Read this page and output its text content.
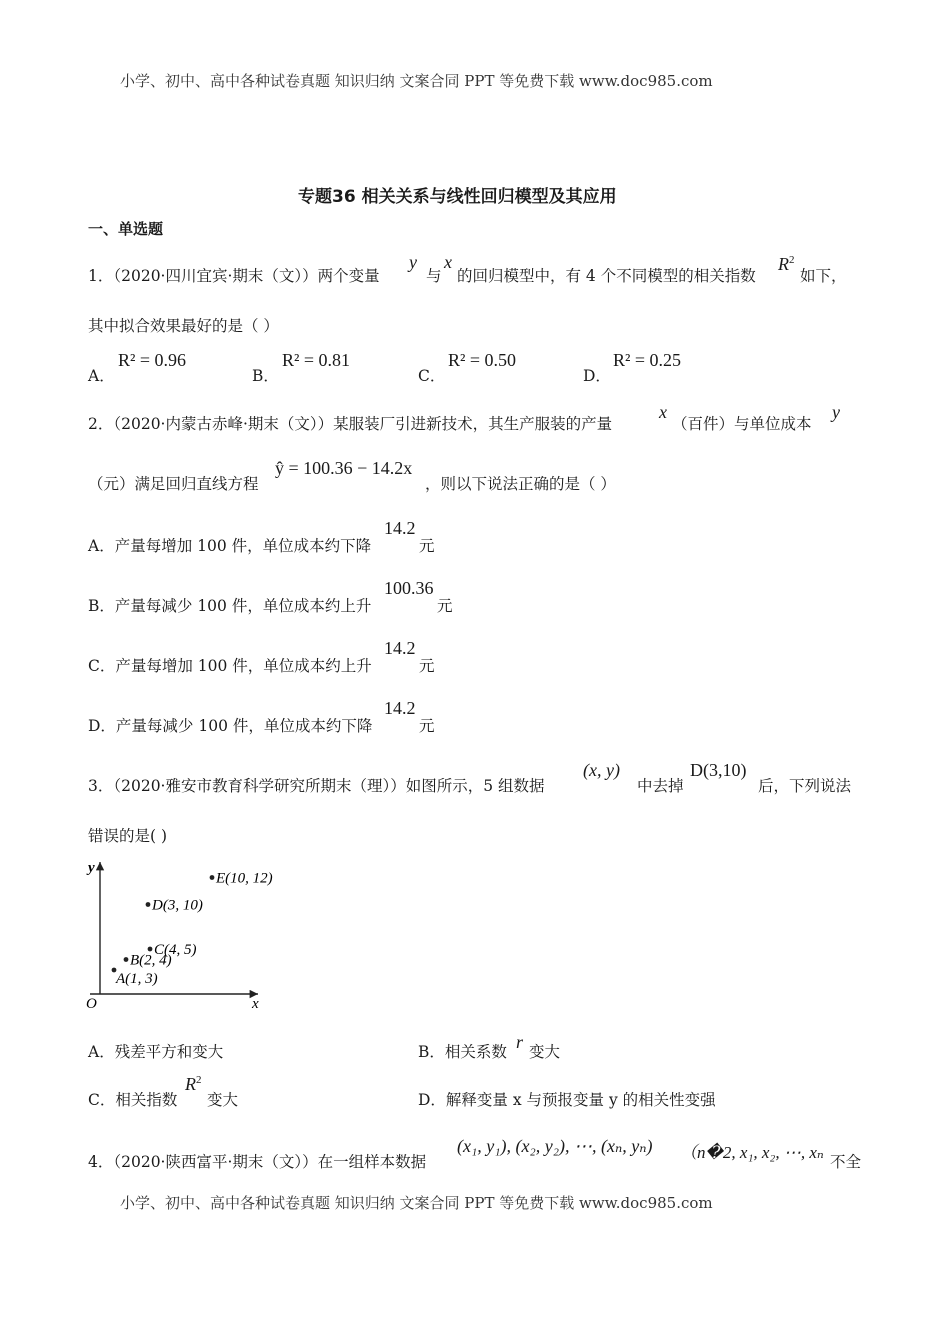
小学、初中、高中各种试卷真题 知识归纳 文案合同 PPT 等免费下载 www.doc985.com
专题36 相关关系与线性回归模型及其应用
一、单选题
1．（2020·四川宜宾·期末（文））两个变量
y
与
x
的回归模型中，有 4 个不同模型的相关指数
$R^2$
如下，
其中拟合效果最好的是（ ）
A．
R² = 0.96
B．
R² = 0.81
C．
R² = 0.50
D．
R² = 0.25
2．（2020·内蒙古赤峰·期末（文））某服装厂引进新技术，其生产服装的产量
x
（百件）与单位成本
y
（元）满足回归直线方程
ŷ = 100.36 − 14.2x
，则以下说法正确的是（ ）
A．产量每增加 100 件，单位成本约下降
14.2
元
B．产量每减少 100 件，单位成本约上升
100.36
元
C．产量每增加 100 件，单位成本约上升
14.2
元
D．产量每减少 100 件，单位成本约下降
14.2
元
3．（2020·雅安市教育科学研究所期末（理））如图所示，5 组数据
(x, y)
中去掉
D(3,10)
后，下列说法
错误的是( )
y
x
O
E(10, 12)
D(3, 10)
C(4, 5)
B(2, 4)
A(1, 3)
A．残差平方和变大	B．相关系数 r 变大
C．相关指数
$R^2$
变大	D．解释变量 x 与预报变量 y 的相关性变强
4．（2020·陕西富平·期末（文））在一组样本数据
(x₁, y₁), (x₂, y₂), ⋯, (xₙ, yₙ) （n�2, x₁, x₂, ⋯, xₙ 不全
小学、初中、高中各种试卷真题 知识归纳 文案合同 PPT 等免费下载 www.doc985.com
